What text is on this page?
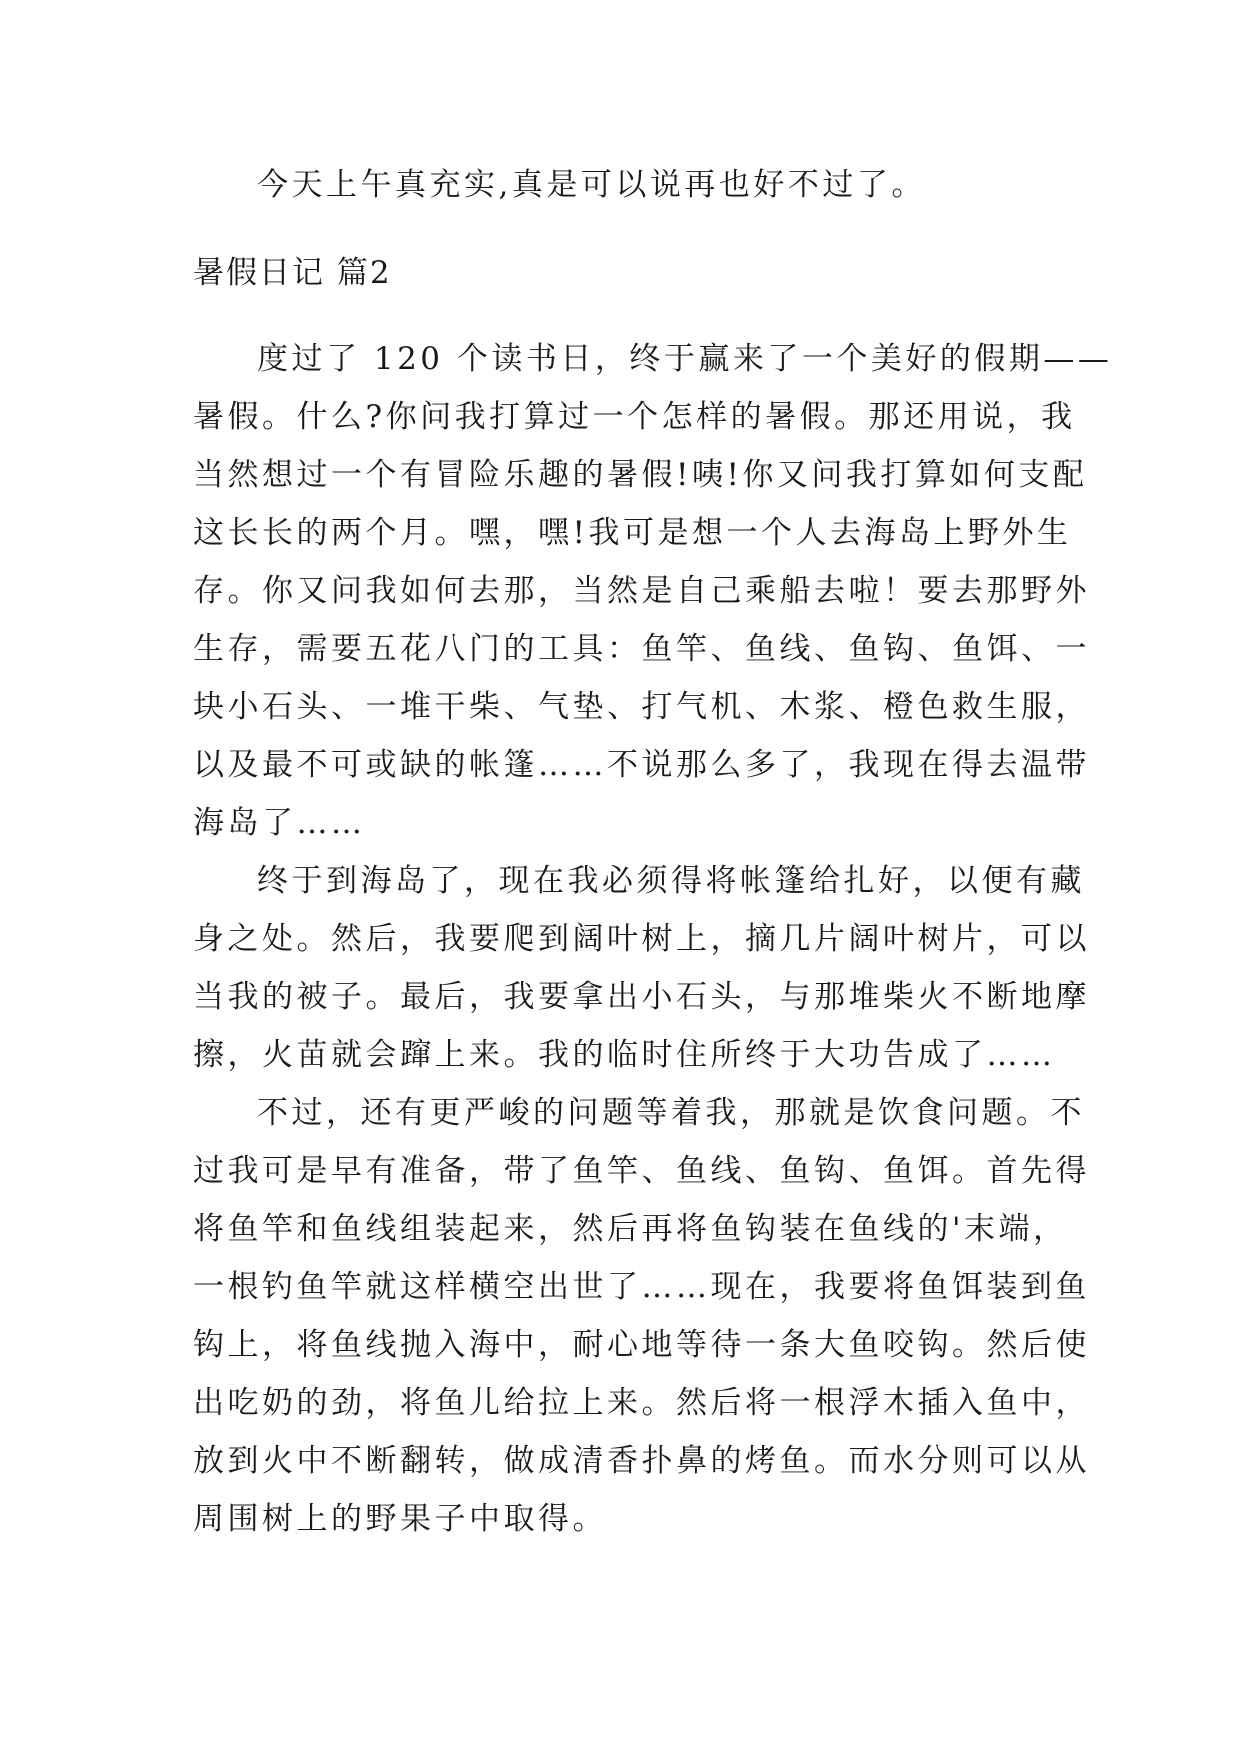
今天上午真充实,真是可以说再也好不过了。
暑假日记 篇2
度过了 120 个读书日，终于赢来了一个美好的假期——
暑假。什么?你问我打算过一个怎样的暑假。那还用说，我
当然想过一个有冒险乐趣的暑假!咦!你又问我打算如何支配
这长长的两个月。嘿，嘿!我可是想一个人去海岛上野外生
存。你又问我如何去那，当然是自己乘船去啦！要去那野外
生存，需要五花八门的工具：鱼竿、鱼线、鱼钩、鱼饵、一
块小石头、一堆干柴、气垫、打气机、木浆、橙色救生服，
以及最不可或缺的帐篷……不说那么多了，我现在得去温带
海岛了……
终于到海岛了，现在我必须得将帐篷给扎好，以便有藏
身之处。然后，我要爬到阔叶树上，摘几片阔叶树片，可以
当我的被子。最后，我要拿出小石头，与那堆柴火不断地摩
擦，火苗就会蹿上来。我的临时住所终于大功告成了……
不过，还有更严峻的问题等着我，那就是饮食问题。不
过我可是早有准备，带了鱼竿、鱼线、鱼钩、鱼饵。首先得
将鱼竿和鱼线组装起来，然后再将鱼钩装在鱼线的'末端，
一根钓鱼竿就这样横空出世了……现在，我要将鱼饵装到鱼
钩上，将鱼线抛入海中，耐心地等待一条大鱼咬钩。然后使
出吃奶的劲，将鱼儿给拉上来。然后将一根浮木插入鱼中，
放到火中不断翻转，做成清香扑鼻的烤鱼。而水分则可以从
周围树上的野果子中取得。
